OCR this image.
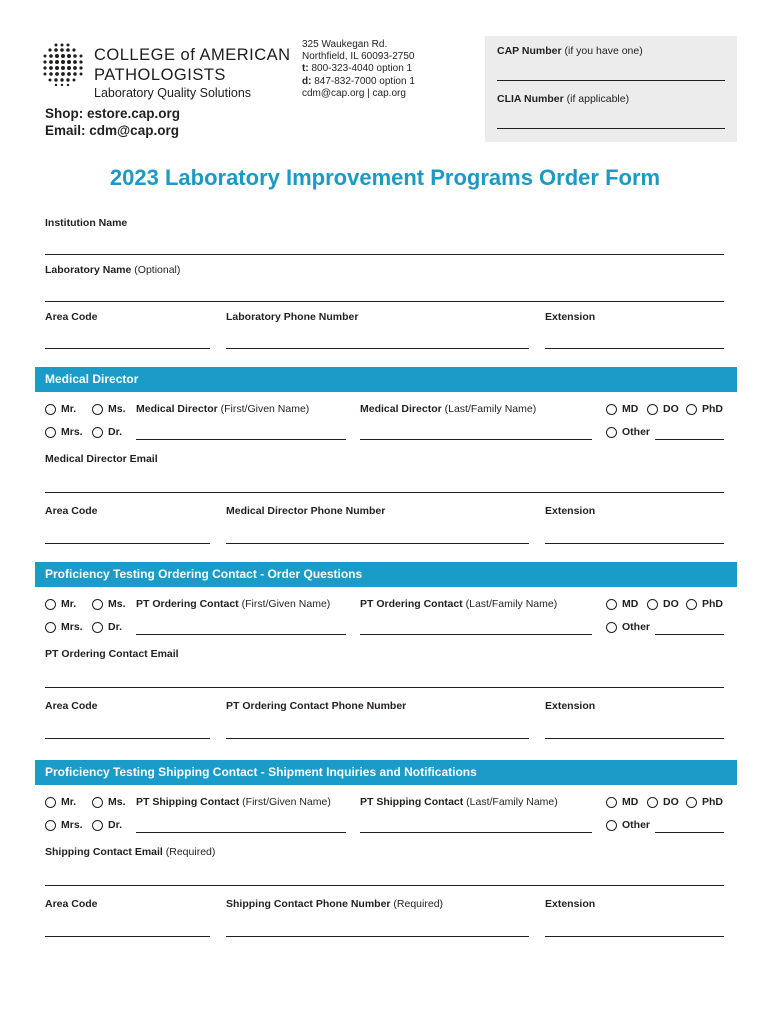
COLLEGE of AMERICAN
PATHOLOGISTS
Laboratory Quality Solutions
Shop: estore.cap.org
Email: cdm@cap.org
325 Waukegan Rd.
Northfield, IL 60093-2750
t: 800-323-4040 option 1
d: 847-832-7000 option 1
cdm@cap.org | cap.org
CAP Number (if you have one)
CLIA Number (if applicable)
2023 Laboratory Improvement Programs Order Form
Institution Name
Laboratory Name (Optional)
Area Code	Laboratory Phone Number	Extension
Medical Director
Mr.	Ms.
Mrs. Dr.
Medical Director (First/Given Name)	Medical Director (Last/Family Name)	MD DO PhD
Other
Medical Director Email
Area Code	Medical Director Phone Number	Extension
Proficiency Testing Ordering Contact - Order Questions
Mr.	Ms.
Mrs. Dr.
PT Ordering Contact (First/Given Name)	PT Ordering Contact (Last/Family Name)	MD DO PhD
Other
PT Ordering Contact Email
Area Code	PT Ordering Contact Phone Number	Extension
Proficiency Testing Shipping Contact - Shipment Inquiries and Notifications
Mr.	Ms.
Mrs. Dr.
PT Shipping Contact (First/Given Name)	PT Shipping Contact (Last/Family Name)	MD DO PhD
Other
Shipping Contact Email (Required)
Area Code	Shipping Contact Phone Number (Required)	Extension
